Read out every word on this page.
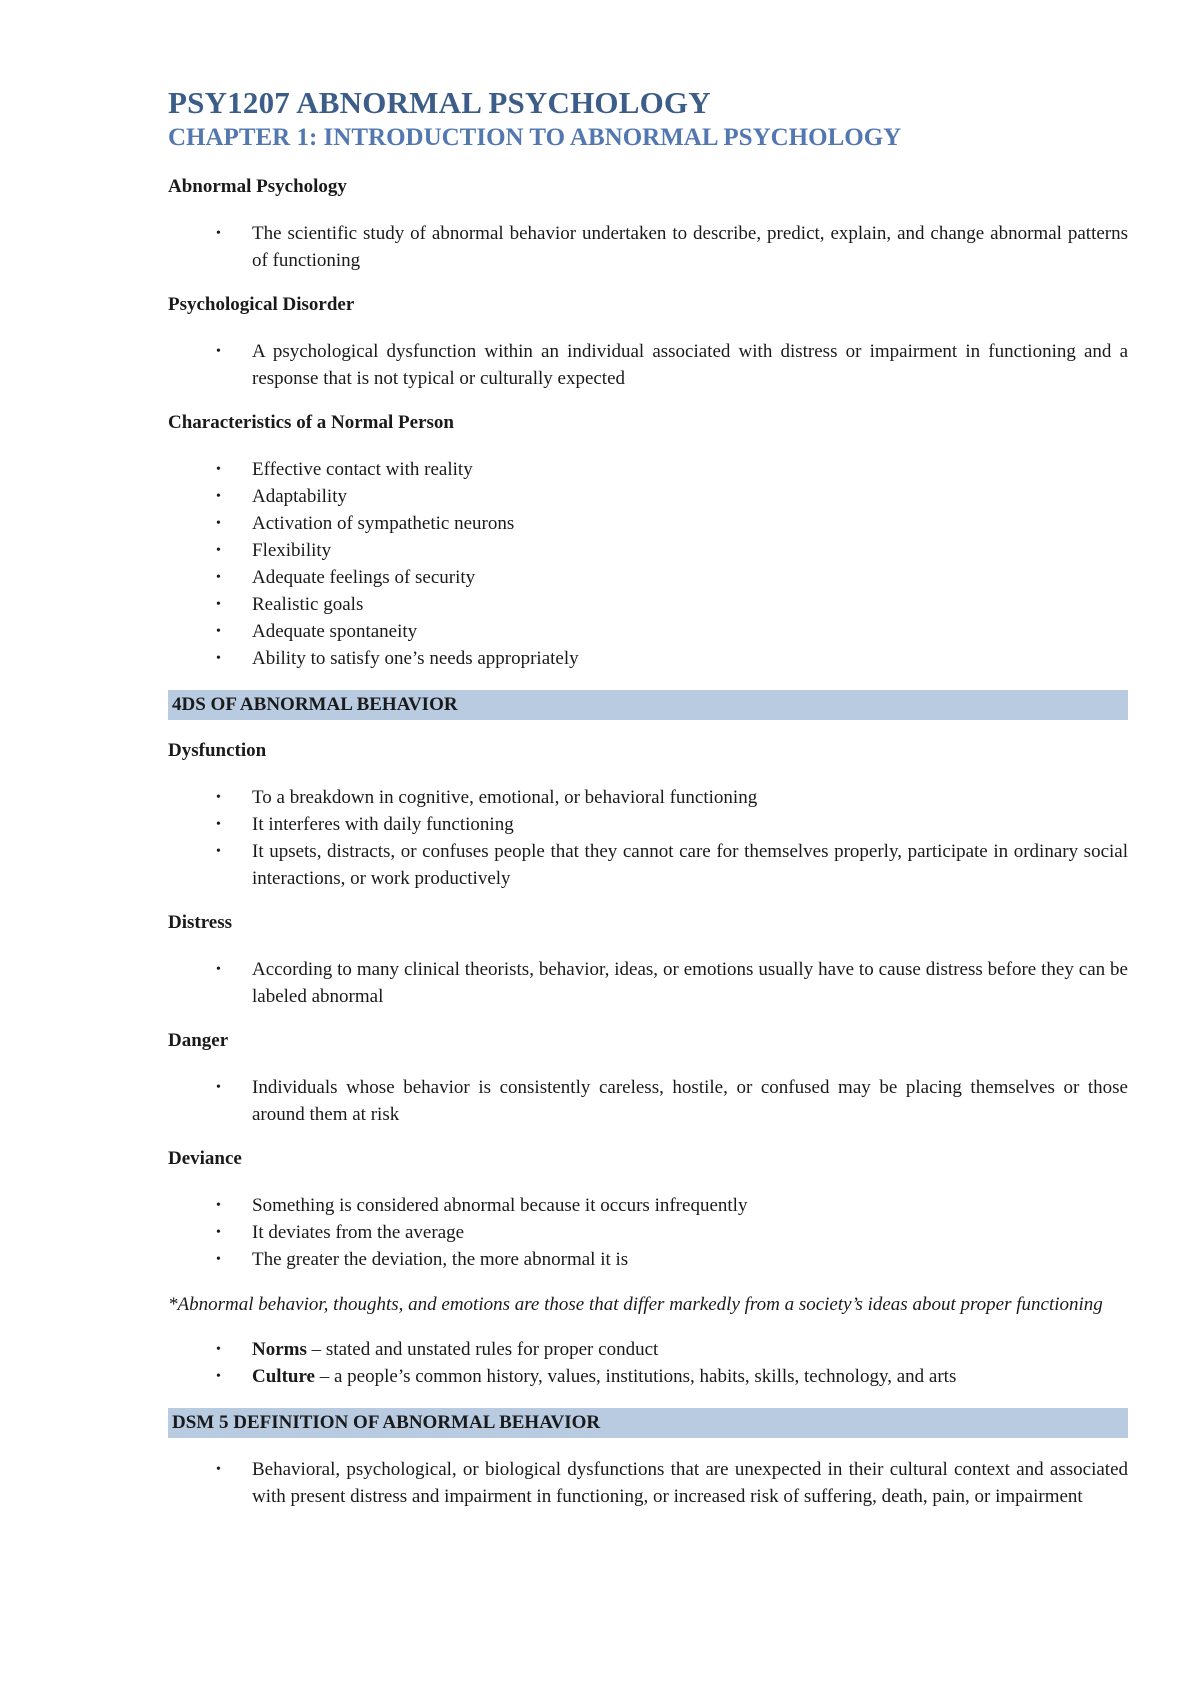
PSY1207 ABNORMAL PSYCHOLOGY
CHAPTER 1: INTRODUCTION TO ABNORMAL PSYCHOLOGY
Abnormal Psychology
• The scientific study of abnormal behavior undertaken to describe, predict, explain, and change abnormal patterns of functioning
Psychological Disorder
• A psychological dysfunction within an individual associated with distress or impairment in functioning and a response that is not typical or culturally expected
Characteristics of a Normal Person
• Effective contact with reality
• Adaptability
• Activation of sympathetic neurons
• Flexibility
• Adequate feelings of security
• Realistic goals
• Adequate spontaneity
• Ability to satisfy one’s needs appropriately
4DS OF ABNORMAL BEHAVIOR
Dysfunction
• To a breakdown in cognitive, emotional, or behavioral functioning
• It interferes with daily functioning
• It upsets, distracts, or confuses people that they cannot care for themselves properly, participate in ordinary social interactions, or work productively
Distress
• According to many clinical theorists, behavior, ideas, or emotions usually have to cause distress before they can be labeled abnormal
Danger
• Individuals whose behavior is consistently careless, hostile, or confused may be placing themselves or those around them at risk
Deviance
• Something is considered abnormal because it occurs infrequently
• It deviates from the average
• The greater the deviation, the more abnormal it is

*Abnormal behavior, thoughts, and emotions are those that differ markedly from a society’s ideas about proper functioning

• Norms – stated and unstated rules for proper conduct
• Culture – a people’s common history, values, institutions, habits, skills, technology, and arts
DSM 5 DEFINITION OF ABNORMAL BEHAVIOR
• Behavioral, psychological, or biological dysfunctions that are unexpected in their cultural context and associated with present distress and impairment in functioning, or increased risk of suffering, death, pain, or impairment
